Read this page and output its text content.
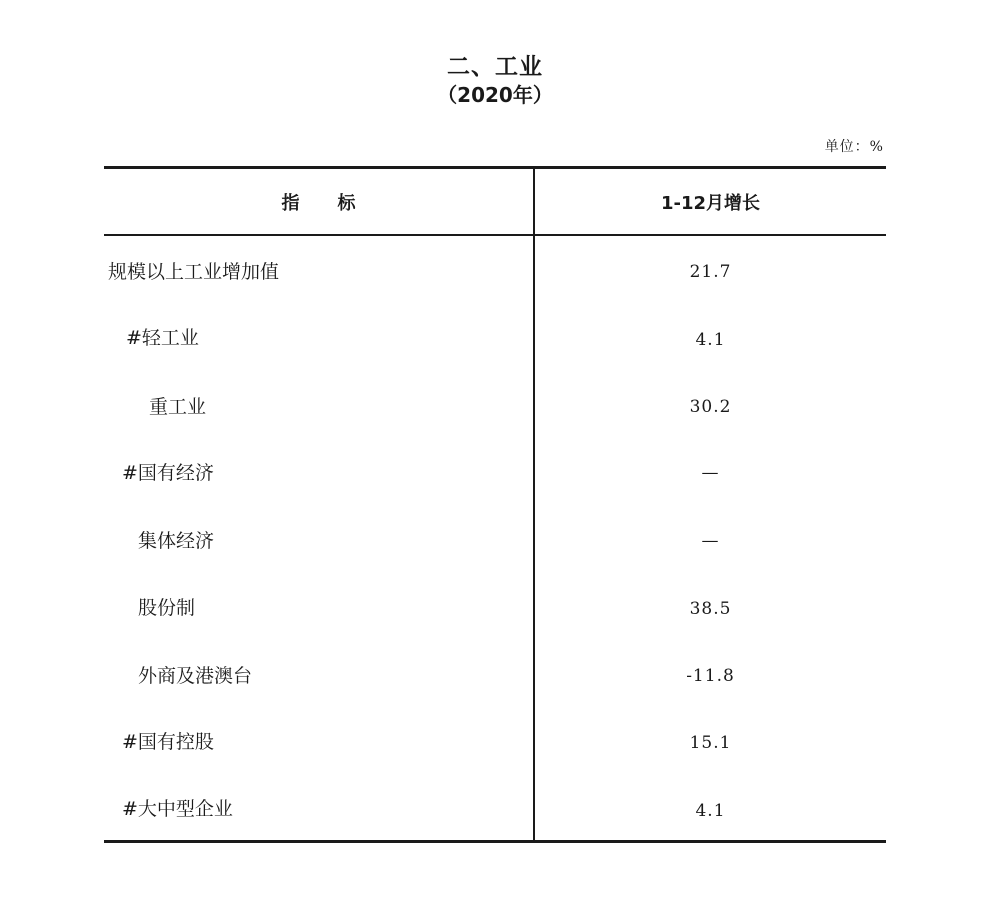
二、工业
（2020年）
单位：%
指标	1-12月增长
规模以上工业增加值	21.7
#轻工业	4.1
重工业	30.2
#国有经济	—
集体经济	—
股份制	38.5
外商及港澳台	-11.8
#国有控股	15.1
#大中型企业	4.1
